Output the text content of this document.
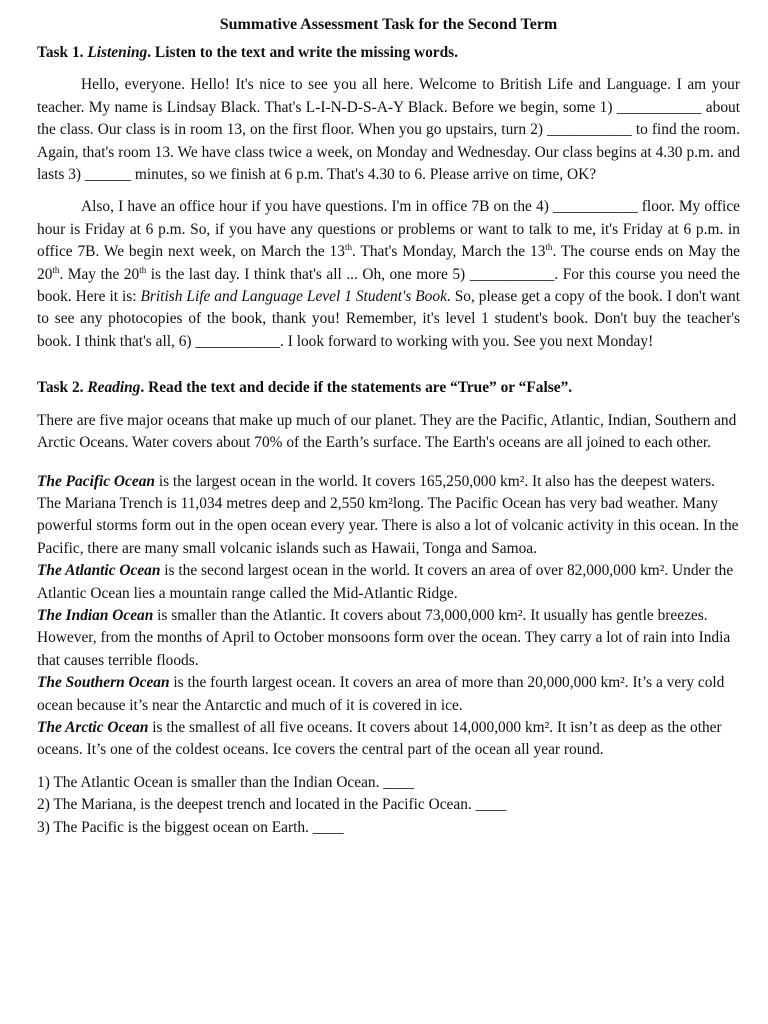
Summative Assessment Task for the Second Term
Task 1. Listening. Listen to the text and write the missing words.

Hello, everyone. Hello! It's nice to see you all here. Welcome to British Life and Language. I am your teacher. My name is Lindsay Black. That's L-I-N-D-S-A-Y Black. Before we begin, some 1) ___________ about the class. Our class is in room 13, on the first floor. When you go upstairs, turn 2) ___________ to find the room. Again, that's room 13. We have class twice a week, on Monday and Wednesday. Our class begins at 4.30 p.m. and lasts 3) ______ minutes, so we finish at 6 p.m. That's 4.30 to 6. Please arrive on time, OK?

Also, I have an office hour if you have questions. I'm in office 7B on the 4) ___________ floor. My office hour is Friday at 6 p.m. So, if you have any questions or problems or want to talk to me, it's Friday at 6 p.m. in office 7B. We begin next week, on March the 13th. That's Monday, March the 13th. The course ends on May the 20th. May the 20th is the last day. I think that's all ... Oh, one more 5) ___________. For this course you need the book. Here it is: British Life and Language Level 1 Student's Book. So, please get a copy of the book. I don't want to see any photocopies of the book, thank you! Remember, it's level 1 student's book. Don't buy the teacher's book. I think that's all, 6) ___________. I look forward to working with you. See you next Monday!

Task 2. Reading. Read the text and decide if the statements are “True” or “False”.

There are five major oceans that make up much of our planet. They are the Pacific, Atlantic, Indian, Southern and Arctic Oceans. Water covers about 70% of the Earth’s surface. The Earth's oceans are all joined to each other.

The Pacific Ocean is the largest ocean in the world. It covers 165,250,000 km². It also has the deepest waters. The Mariana Trench is 11,034 metres deep and 2,550 km²long. The Pacific Ocean has very bad weather. Many powerful storms form out in the open ocean every year. There is also a lot of volcanic activity in this ocean. In the Pacific, there are many small volcanic islands such as Hawaii, Tonga and Samoa.

The Atlantic Ocean is the second largest ocean in the world. It covers an area of over 82,000,000 km². Under the Atlantic Ocean lies a mountain range called the Mid-Atlantic Ridge.

The Indian Ocean is smaller than the Atlantic. It covers about 73,000,000 km². It usually has gentle breezes. However, from the months of April to October monsoons form over the ocean. They carry a lot of rain into India that causes terrible floods.

The Southern Ocean is the fourth largest ocean. It covers an area of more than 20,000,000 km². It’s a very cold ocean because it’s near the Antarctic and much of it is covered in ice.

The Arctic Ocean is the smallest of all five oceans. It covers about 14,000,000 km². It isn’t as deep as the other oceans. It’s one of the coldest oceans. Ice covers the central part of the ocean all year round.

1) The Atlantic Ocean is smaller than the Indian Ocean. ____

2) The Mariana, is the deepest trench and located in the Pacific Ocean. ____

3) The Pacific is the biggest ocean on Earth. ____
